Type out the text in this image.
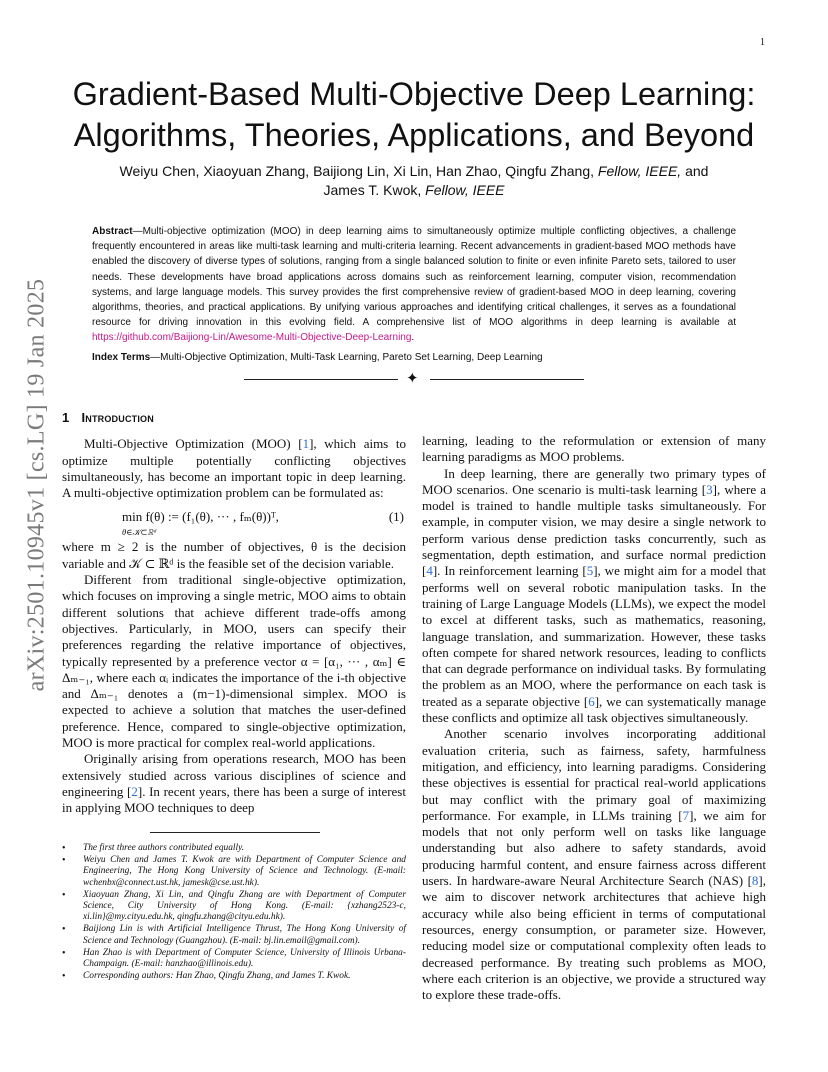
1
arXiv:2501.10945v1 [cs.LG] 19 Jan 2025
Gradient-Based Multi-Objective Deep Learning:
Algorithms, Theories, Applications, and Beyond
Weiyu Chen, Xiaoyuan Zhang, Baijiong Lin, Xi Lin, Han Zhao, Qingfu Zhang, Fellow, IEEE, and
James T. Kwok, Fellow, IEEE
Abstract—Multi-objective optimization (MOO) in deep learning aims to simultaneously optimize multiple conflicting objectives, a challenge frequently encountered in areas like multi-task learning and multi-criteria learning. Recent advancements in gradient-based MOO methods have enabled the discovery of diverse types of solutions, ranging from a single balanced solution to finite or even infinite Pareto sets, tailored to user needs. These developments have broad applications across domains such as reinforcement learning, computer vision, recommendation systems, and large language models. This survey provides the first comprehensive review of gradient-based MOO in deep learning, covering algorithms, theories, and practical applications. By unifying various approaches and identifying critical challenges, it serves as a foundational resource for driving innovation in this evolving field. A comprehensive list of MOO algorithms in deep learning is available at https://github.com/Baijiong-Lin/Awesome-Multi-Objective-Deep-Learning.
Index Terms—Multi-Objective Optimization, Multi-Task Learning, Pareto Set Learning, Deep Learning
✦
1 Introduction

Multi-Objective Optimization (MOO) [1], which aims to optimize multiple potentially conflicting objectives simultaneously, has become an important topic in deep learning. A multi-objective optimization problem can be formulated as:

min f(θ) := (f₁(θ), ··· , fₘ(θ))ᵀ,
θ∈𝒦⊂ℝᵈ
(1)

where m ≥ 2 is the number of objectives, θ is the decision variable and 𝒦 ⊂ ℝᵈ is the feasible set of the decision variable.

Different from traditional single-objective optimization, which focuses on improving a single metric, MOO aims to obtain different solutions that achieve different trade-offs among objectives. Particularly, in MOO, users can specify their preferences regarding the relative importance of objectives, typically represented by a preference vector α = [α₁, ··· , αₘ] ∈ Δₘ₋₁, where each αᵢ indicates the importance of the i-th objective and Δₘ₋₁ denotes a (m−1)-dimensional simplex. MOO is expected to achieve a solution that matches the user-defined preference. Hence, compared to single-objective optimization, MOO is more practical for complex real-world applications.

Originally arising from operations research, MOO has been extensively studied across various disciplines of science and engineering [2]. In recent years, there has been a surge of interest in applying MOO techniques to deep

• The first three authors contributed equally.
• Weiyu Chen and James T. Kwok are with Department of Computer Science and Engineering, The Hong Kong University of Science and Technology. (E-mail: wchenbx@connect.ust.hk, jamesk@cse.ust.hk).
• Xiaoyuan Zhang, Xi Lin, and Qingfu Zhang are with Department of Computer Science, City University of Hong Kong. (E-mail: {xzhang2523-c, xi.lin}@my.cityu.edu.hk, qingfu.zhang@cityu.edu.hk).
• Baijiong Lin is with Artificial Intelligence Thrust, The Hong Kong University of Science and Technology (Guangzhou). (E-mail: bj.lin.email@gmail.com).
• Han Zhao is with Department of Computer Science, University of Illinois Urbana-Champaign. (E-mail: hanzhao@illinois.edu).
• Corresponding authors: Han Zhao, Qingfu Zhang, and James T. Kwok.

learning, leading to the reformulation or extension of many learning paradigms as MOO problems.

In deep learning, there are generally two primary types of MOO scenarios. One scenario is multi-task learning [3], where a model is trained to handle multiple tasks simultaneously. For example, in computer vision, we may desire a single network to perform various dense prediction tasks concurrently, such as segmentation, depth estimation, and surface normal prediction [4]. In reinforcement learning [5], we might aim for a model that performs well on several robotic manipulation tasks. In the training of Large Language Models (LLMs), we expect the model to excel at different tasks, such as mathematics, reasoning, language translation, and summarization. However, these tasks often compete for shared network resources, leading to conflicts that can degrade performance on individual tasks. By formulating the problem as an MOO, where the performance on each task is treated as a separate objective [6], we can systematically manage these conflicts and optimize all task objectives simultaneously.

Another scenario involves incorporating additional evaluation criteria, such as fairness, safety, harmfulness mitigation, and efficiency, into learning paradigms. Considering these objectives is essential for practical real-world applications but may conflict with the primary goal of maximizing performance. For example, in LLMs training [7], we aim for models that not only perform well on tasks like language understanding but also adhere to safety standards, avoid producing harmful content, and ensure fairness across different users. In hardware-aware Neural Architecture Search (NAS) [8], we aim to discover network architectures that achieve high accuracy while also being efficient in terms of computational resources, energy consumption, or parameter size. However, reducing model size or computational complexity often leads to decreased performance. By treating such problems as MOO, where each criterion is an objective, we provide a structured way to explore these trade-offs.
